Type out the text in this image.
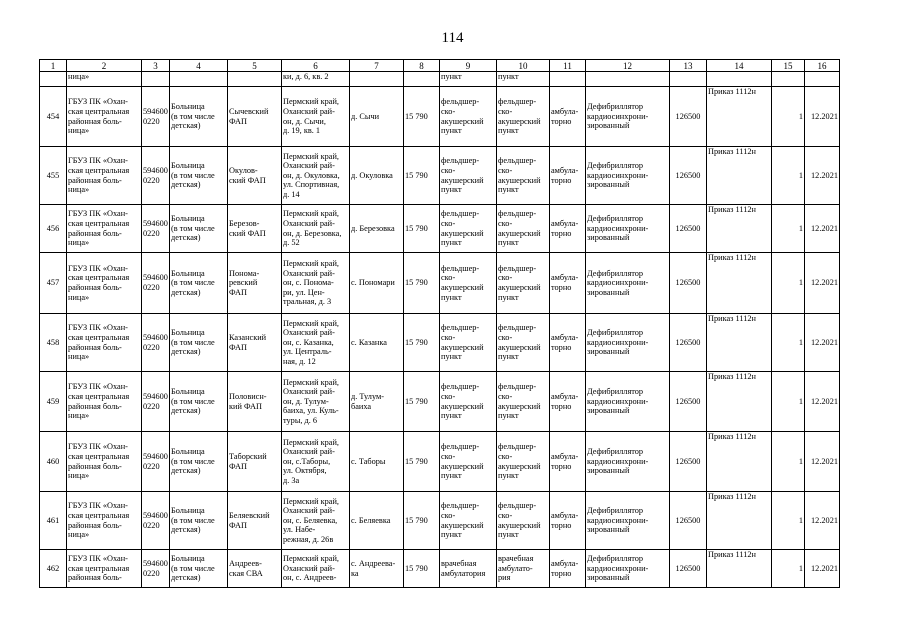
114
1	2	3	4	5	6	7	8	9	10	11	12	13	14	15	16
	ница»				ки, д. 6, кв. 2			пункт	пункт						
454	ГБУЗ ПК «Охан-
ская центральная
районная боль-
ница»	594600
0220	Больница
(в том числе
детская)	Сычевский
ФАП	Пермский край,
Оханский рай-
он, д. Сычи,
д. 19, кв. 1	д. Сычи	15 790	фельдшер-
ско-
акушерский
пункт	фельдшер-
ско-
акушерский
пункт	амбула-
торно	Дефибриллятор
кардиосинхрони-
зированный	126500	Приказ 1112н	1	12.2021
455	ГБУЗ ПК «Охан-
ская центральная
районная боль-
ница»	594600
0220	Больница
(в том числе
детская)	Окулов-
ский ФАП	Пермский край,
Оханский рай-
он, д. Окуловка,
ул. Спортивная,
д. 14	д. Окуловка	15 790	фельдшер-
ско-
акушерский
пункт	фельдшер-
ско-
акушерский
пункт	амбула-
торно	Дефибриллятор
кардиосинхрони-
зированный	126500	Приказ 1112н	1	12.2021
456	ГБУЗ ПК «Охан-
ская центральная
районная боль-
ница»	594600
0220	Больница
(в том числе
детская)	Березов-
ский ФАП	Пермский край,
Оханский рай-
он, д. Березовка,
д. 52	д. Березовка	15 790	фельдшер-
ско-
акушерский
пункт	фельдшер-
ско-
акушерский
пункт	амбула-
торно	Дефибриллятор
кардиосинхрони-
зированный	126500	Приказ 1112н	1	12.2021
457	ГБУЗ ПК «Охан-
ская центральная
районная боль-
ница»	594600
0220	Больница
(в том числе
детская)	Понома-
ревский
ФАП	Пермский край,
Оханский рай-
он, с. Понома-
ри, ул. Цен-
тральная, д. 3	с. Пономари	15 790	фельдшер-
ско-
акушерский
пункт	фельдшер-
ско-
акушерский
пункт	амбула-
торно	Дефибриллятор
кардиосинхрони-
зированный	126500	Приказ 1112н	1	12.2021
458	ГБУЗ ПК «Охан-
ская центральная
районная боль-
ница»	594600
0220	Больница
(в том числе
детская)	Казанский
ФАП	Пермский край,
Оханский рай-
он, с. Казанка,
ул. Централь-
ная, д. 12	с. Казанка	15 790	фельдшер-
ско-
акушерский
пункт	фельдшер-
ско-
акушерский
пункт	амбула-
торно	Дефибриллятор
кардиосинхрони-
зированный	126500	Приказ 1112н	1	12.2021
459	ГБУЗ ПК «Охан-
ская центральная
районная боль-
ница»	594600
0220	Больница
(в том числе
детская)	Половисн-
кий ФАП	Пермский край,
Оханский рай-
он, д. Тулум-
баиха, ул. Куль-
туры, д. 6	д. Тулум-
баиха	15 790	фельдшер-
ско-
акушерский
пункт	фельдшер-
ско-
акушерский
пункт	амбула-
торно	Дефибриллятор
кардиосинхрони-
зированный	126500	Приказ 1112н	1	12.2021
460	ГБУЗ ПК «Охан-
ская центральная
районная боль-
ница»	594600
0220	Больница
(в том числе
детская)	Таборский
ФАП	Пермский край,
Оханский рай-
он, с.Таборы,
ул. Октября,
д. 3а	с. Таборы	15 790	фельдшер-
ско-
акушерский
пункт	фельдшер-
ско-
акушерский
пункт	амбула-
торно	Дефибриллятор
кардиосинхрони-
зированный	126500	Приказ 1112н	1	12.2021
461	ГБУЗ ПК «Охан-
ская центральная
районная боль-
ница»	594600
0220	Больница
(в том числе
детская)	Беляевский
ФАП	Пермский край,
Оханский рай-
он, с. Беляевка,
ул. Набе-
режная, д. 26в	с. Беляевка	15 790	фельдшер-
ско-
акушерский
пункт	фельдшер-
ско-
акушерский
пункт	амбула-
торно	Дефибриллятор
кардиосинхрони-
зированный	126500	Приказ 1112н	1	12.2021
462	ГБУЗ ПК «Охан-
ская центральная
районная боль-	594600
0220	Больница
(в том числе
детская)	Андреев-
ская СВА	Пермский край,
Оханский рай-
он, с. Андреев-	с. Андреева-
ка	15 790	врачебная
амбулатория	врачебная
амбулато-
рия	амбула-
торно	Дефибриллятор
кардиосинхрони-
зированный	126500	Приказ 1112н	1	12.2021
